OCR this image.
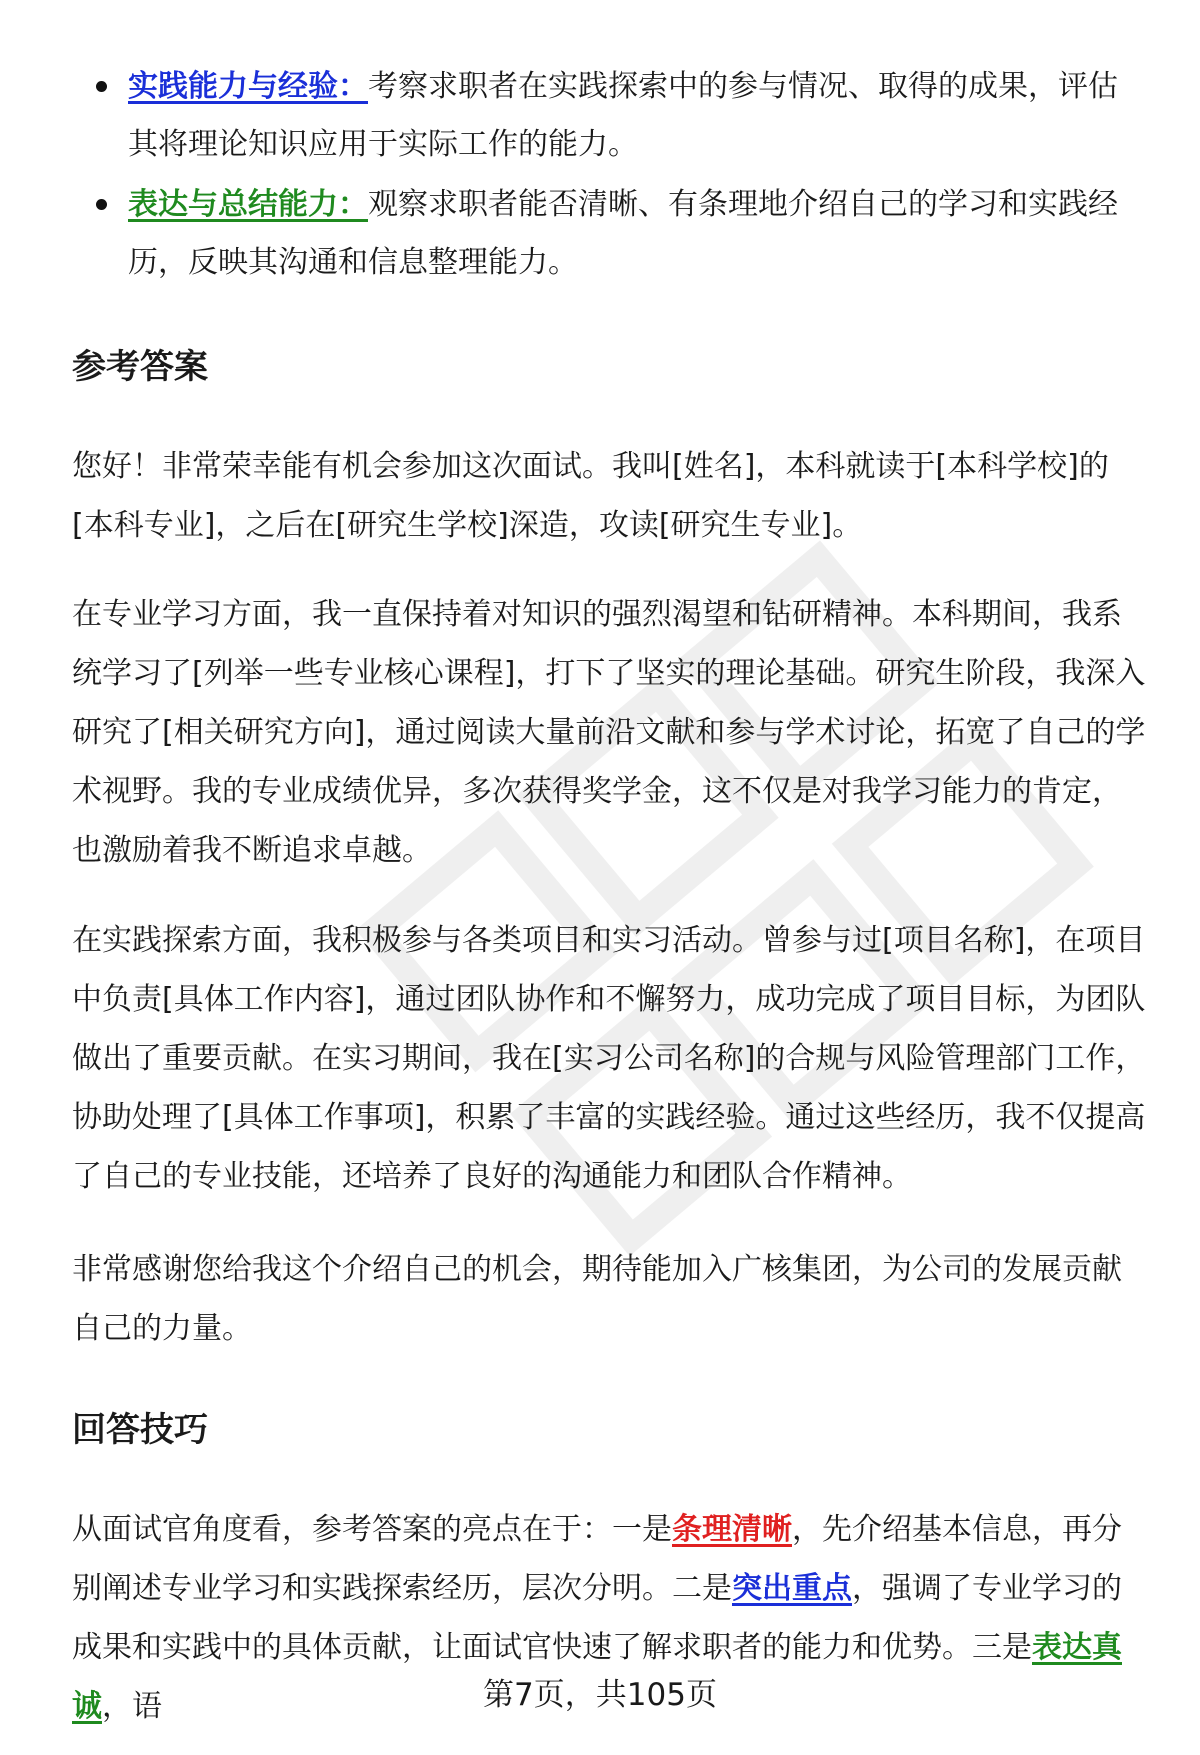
实践能力与经验：考察求职者在实践探索中的参与情况、取得的成果，评估其将理论知识应用于实际工作的能力。
表达与总结能力：观察求职者能否清晰、有条理地介绍自己的学习和实践经历，反映其沟通和信息整理能力。
参考答案

您好！非常荣幸能有机会参加这次面试。我叫[姓名]，本科就读于[本科学校]的[本科专业]，之后在[研究生学校]深造，攻读[研究生专业]。

在专业学习方面，我一直保持着对知识的强烈渴望和钻研精神。本科期间，我系统学习了[列举一些专业核心课程]，打下了坚实的理论基础。研究生阶段，我深入研究了[相关研究方向]，通过阅读大量前沿文献和参与学术讨论，拓宽了自己的学术视野。我的专业成绩优异，多次获得奖学金，这不仅是对我学习能力的肯定，也激励着我不断追求卓越。

在实践探索方面，我积极参与各类项目和实习活动。曾参与过[项目名称]，在项目中负责[具体工作内容]，通过团队协作和不懈努力，成功完成了项目目标，为团队做出了重要贡献。在实习期间，我在[实习公司名称]的合规与风险管理部门工作，协助处理了[具体工作事项]，积累了丰富的实践经验。通过这些经历，我不仅提高了自己的专业技能，还培养了良好的沟通能力和团队合作精神。

非常感谢您给我这个介绍自己的机会，期待能加入广核集团，为公司的发展贡献自己的力量。

回答技巧

从面试官角度看，参考答案的亮点在于：一是条理清晰，先介绍基本信息，再分别阐述专业学习和实践探索经历，层次分明。二是突出重点，强调了专业学习的成果和实践中的具体贡献，让面试官快速了解求职者的能力和优势。三是表达真诚，语	第7页，共105页
